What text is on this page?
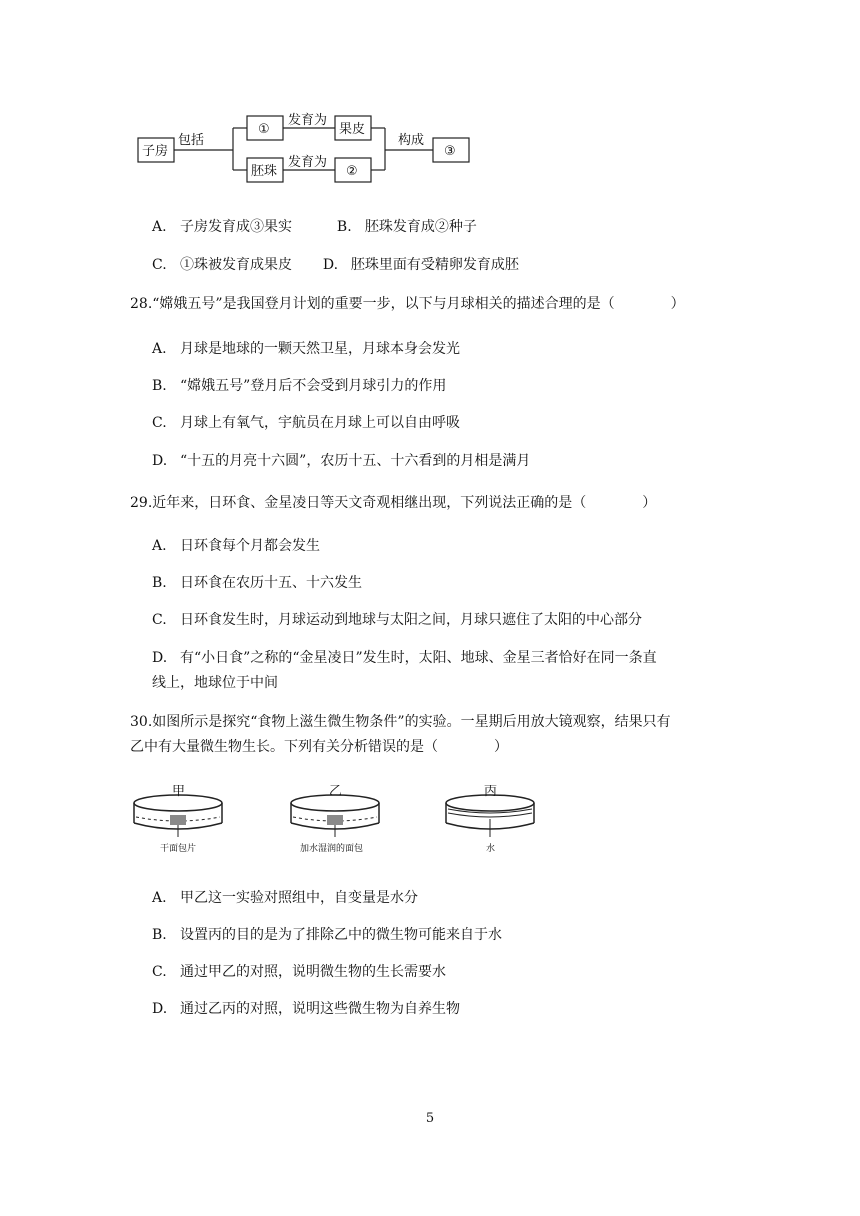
子房
包括
①
发育为
果皮
胚珠
发育为
②
构成
③
A. 子房发育成③果实	B. 胚珠发育成②种子
C. ①珠被发育成果皮 D. 胚珠里面有受精卵发育成胚
28.“嫦娥五号”是我国登月计划的重要一步，以下与月球相关的描述合理的是（　　　　）
A. 月球是地球的一颗天然卫星，月球本身会发光
B. “嫦娥五号”登月后不会受到月球引力的作用
C. 月球上有氧气，宇航员在月球上可以自由呼吸
D. “十五的月亮十六圆”，农历十五、十六看到的月相是满月
29.近年来，日环食、金星凌日等天文奇观相继出现，下列说法正确的是（　　　　）
A. 日环食每个月都会发生
B. 日环食在农历十五、十六发生
C. 日环食发生时，月球运动到地球与太阳之间，月球只遮住了太阳的中心部分
D. 有“小日食”之称的“金星凌日”发生时，太阳、地球、金星三者恰好在同一条直
线上，地球位于中间
30.如图所示是探究“食物上滋生微生物条件”的实验。一星期后用放大镜观察，结果只有
乙中有大量微生物生长。下列有关分析错误的是（　　　　）
甲	乙	丙
干面包片	加水湿润的面包	水
A. 甲乙这一实验对照组中，自变量是水分
B. 设置丙的目的是为了排除乙中的微生物可能来自于水
C. 通过甲乙的对照，说明微生物的生长需要水
D. 通过乙丙的对照，说明这些微生物为自养生物
5
